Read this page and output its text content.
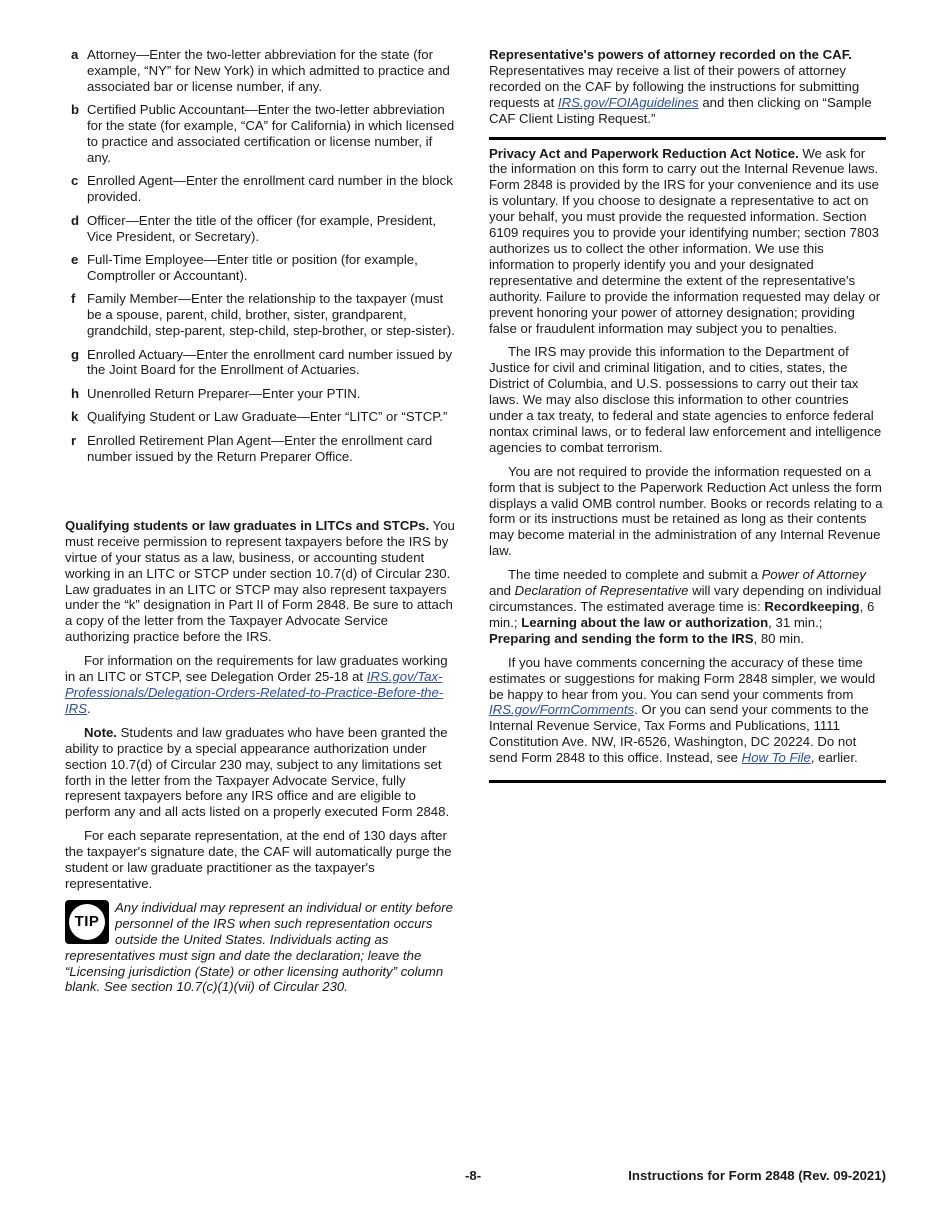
a Attorney—Enter the two-letter abbreviation for the state (for example, “NY” for New York) in which admitted to practice and associated bar or license number, if any.
b Certified Public Accountant—Enter the two-letter abbreviation for the state (for example, “CA” for California) in which licensed to practice and associated certification or license number, if any.
c Enrolled Agent—Enter the enrollment card number in the block provided.
d Officer—Enter the title of the officer (for example, President, Vice President, or Secretary).
e Full-Time Employee—Enter title or position (for example, Comptroller or Accountant).
f Family Member—Enter the relationship to the taxpayer (must be a spouse, parent, child, brother, sister, grandparent, grandchild, step-parent, step-child, step-brother, or step-sister).
g Enrolled Actuary—Enter the enrollment card number issued by the Joint Board for the Enrollment of Actuaries.
h Unenrolled Return Preparer—Enter your PTIN.
k Qualifying Student or Law Graduate—Enter “LITC” or “STCP.”
r Enrolled Retirement Plan Agent—Enter the enrollment card number issued by the Return Preparer Office.

Qualifying students or law graduates in LITCs and STCPs. You must receive permission to represent taxpayers before the IRS by virtue of your status as a law, business, or accounting student working in an LITC or STCP under section 10.7(d) of Circular 230. Law graduates in an LITC or STCP may also represent taxpayers under the “k” designation in Part II of Form 2848. Be sure to attach a copy of the letter from the Taxpayer Advocate Service authorizing practice before the IRS.

For information on the requirements for law graduates working in an LITC or STCP, see Delegation Order 25-18 at IRS.gov/Tax-Professionals/Delegation-Orders-Related-to-Practice-Before-the-IRS.

Note. Students and law graduates who have been granted the ability to practice by a special appearance authorization under section 10.7(d) of Circular 230 may, subject to any limitations set forth in the letter from the Taxpayer Advocate Service, fully represent taxpayers before any IRS office and are eligible to perform any and all acts listed on a properly executed Form 2848.

For each separate representation, at the end of 130 days after the taxpayer's signature date, the CAF will automatically purge the student or law graduate practitioner as the taxpayer's representative.

TIP
Any individual may represent an individual or entity before personnel of the IRS when such representation occurs outside the United States. Individuals acting as representatives must sign and date the declaration; leave the “Licensing jurisdiction (State) or other licensing authority” column blank. See section 10.7(c)(1)(vii) of Circular 230.

Representative's powers of attorney recorded on the CAF.
Representatives may receive a list of their powers of attorney recorded on the CAF by following the instructions for submitting requests at IRS.gov/FOIAguidelines and then clicking on “Sample CAF Client Listing Request.”

Privacy Act and Paperwork Reduction Act Notice. We ask for the information on this form to carry out the Internal Revenue laws. Form 2848 is provided by the IRS for your convenience and its use is voluntary. If you choose to designate a representative to act on your behalf, you must provide the requested information. Section 6109 requires you to provide your identifying number; section 7803 authorizes us to collect the other information. We use this information to properly identify you and your designated representative and determine the extent of the representative's authority. Failure to provide the information requested may delay or prevent honoring your power of attorney designation; providing false or fraudulent information may subject you to penalties.

The IRS may provide this information to the Department of Justice for civil and criminal litigation, and to cities, states, the District of Columbia, and U.S. possessions to carry out their tax laws. We may also disclose this information to other countries under a tax treaty, to federal and state agencies to enforce federal nontax criminal laws, or to federal law enforcement and intelligence agencies to combat terrorism.

You are not required to provide the information requested on a form that is subject to the Paperwork Reduction Act unless the form displays a valid OMB control number. Books or records relating to a form or its instructions must be retained as long as their contents may become material in the administration of any Internal Revenue law.

The time needed to complete and submit a Power of Attorney and Declaration of Representative will vary depending on individual circumstances. The estimated average time is: Recordkeeping, 6 min.; Learning about the law or authorization, 31 min.; Preparing and sending the form to the IRS, 80 min.

If you have comments concerning the accuracy of these time estimates or suggestions for making Form 2848 simpler, we would be happy to hear from you. You can send your comments from IRS.gov/FormComments. Or you can send your comments to the Internal Revenue Service, Tax Forms and Publications, 1111 Constitution Ave. NW, IR-6526, Washington, DC 20224. Do not send Form 2848 to this office. Instead, see How To File, earlier.

-8-	Instructions for Form 2848 (Rev. 09-2021)
